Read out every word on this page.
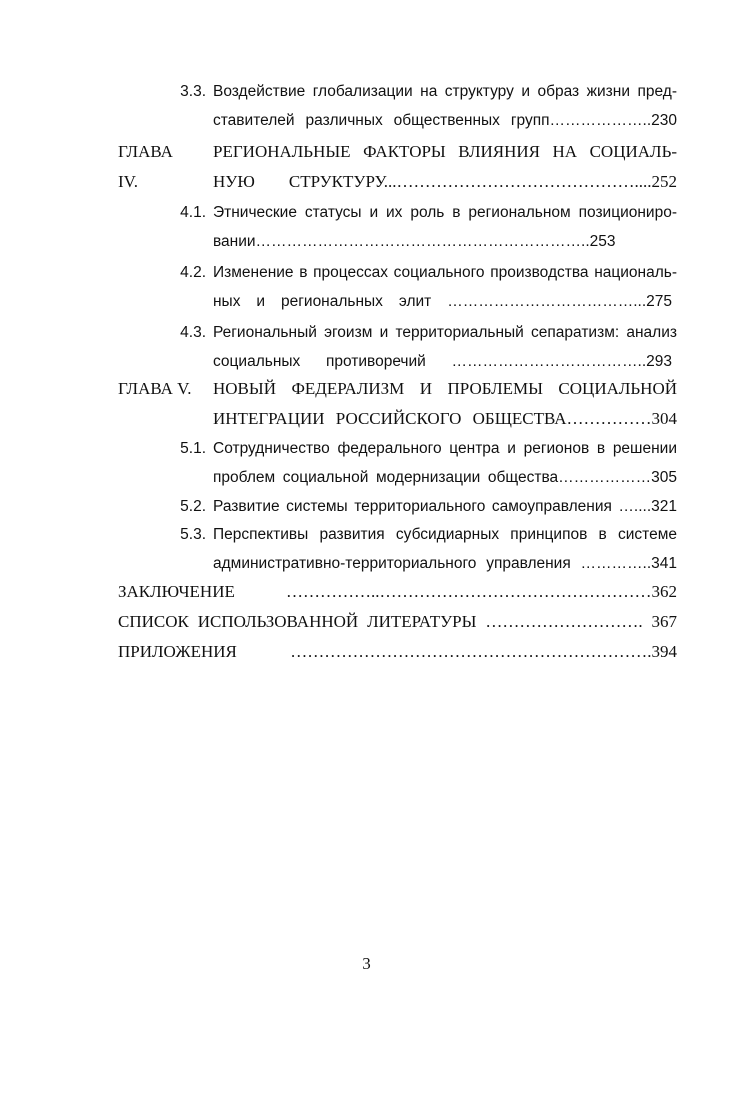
3.3. Воздействие глобализации на структуру и образ жизни пред-
ставителей различных общественных групп………………..230
ГЛАВА
IV.
РЕГИОНАЛЬНЫЕ ФАКТОРЫ ВЛИЯНИЯ НА СОЦИАЛЬ-
НУЮ СТРУКТУРУ...……………………………………....252
4.1. Этнические статусы и их роль в региональном позициониро-
вании………………………………………………………..253
4.2. Изменение в процессах социального производства националь-
ных и региональных элит ………………………………...275
4.3. Региональный эгоизм и территориальный сепаратизм: анализ
социальных противоречий ………………………………..293
ГЛАВА V. НОВЫЙ ФЕДЕРАЛИЗМ И ПРОБЛЕМЫ СОЦИАЛЬНОЙ
ИНТЕГРАЦИИ РОССИЙСКОГО ОБЩЕСТВА……………304
5.1. Сотрудничество федерального центра и регионов в решении
проблем социальной модернизации общества………………305
5.2. Развитие системы территориального самоуправления …....321
5.3. Перспективы развития субсидиарных принципов в системе
административно-территориального управления …………..341
ЗАКЛЮЧЕНИЕ ……………..…………………………………………362
СПИСОК ИСПОЛЬЗОВАННОЙ ЛИТЕРАТУРЫ ………………………. 367
ПРИЛОЖЕНИЯ ……………………………………………………….394
3
